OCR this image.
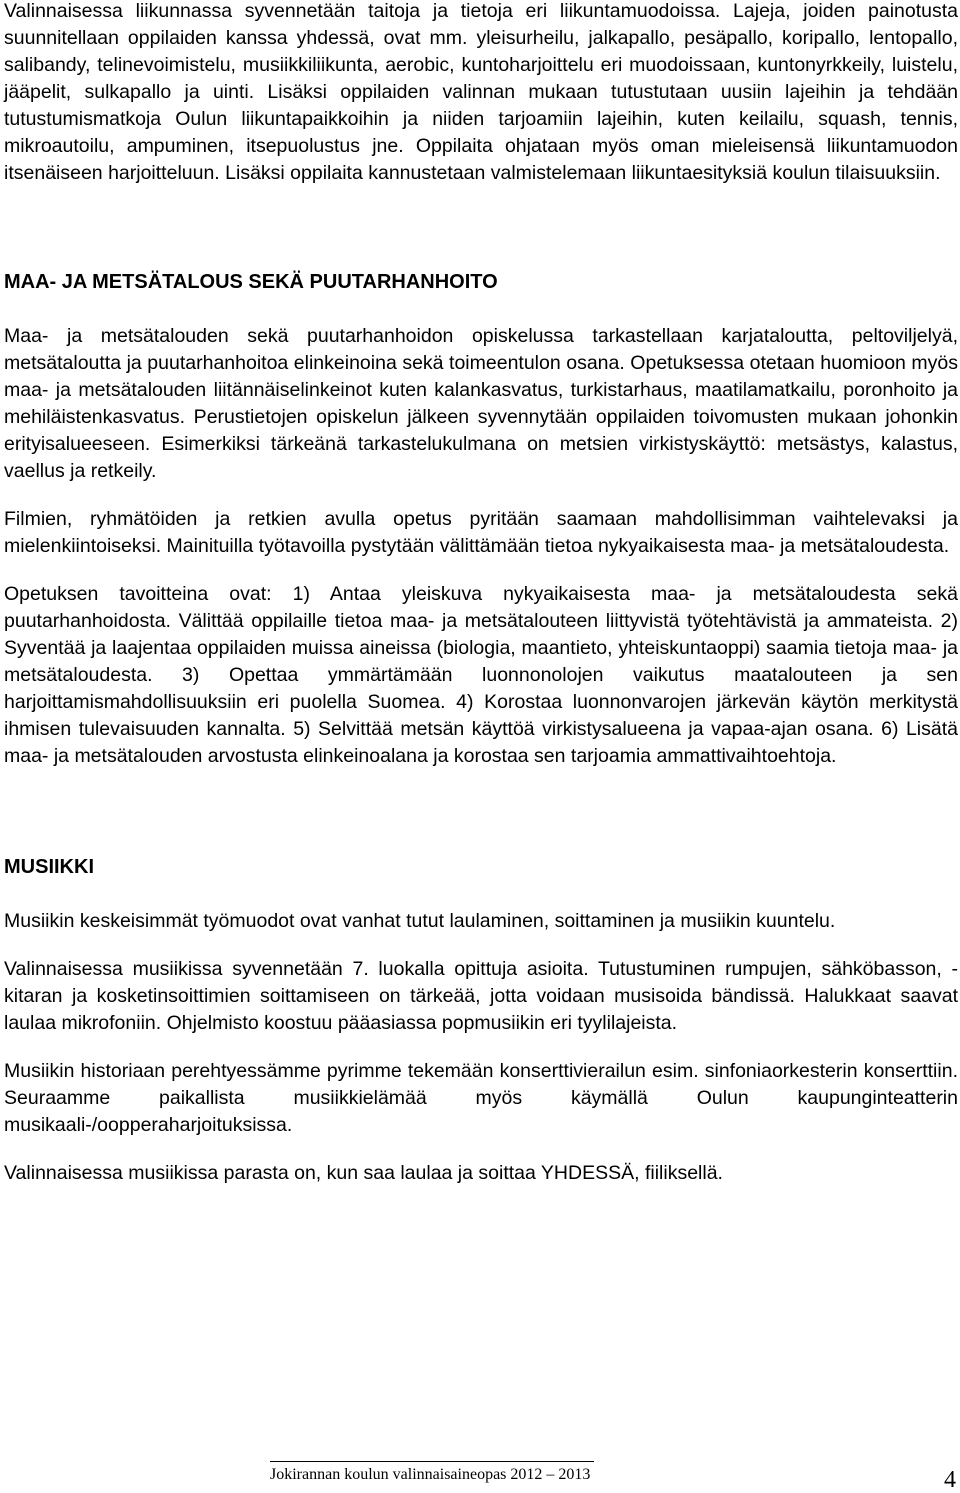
Valinnaisessa liikunnassa syvennetään taitoja ja tietoja eri liikuntamuodoissa. Lajeja, joiden painotusta suunnitellaan oppilaiden kanssa yhdessä, ovat mm. yleisurheilu, jalkapallo, pesäpallo, koripallo, lentopallo, salibandy, telinevoimistelu, musiikkiliikunta, aerobic, kuntoharjoittelu eri muodoissaan, kuntonyrkkeily, luistelu, jääpelit, sulkapallo ja uinti. Lisäksi oppilaiden valinnan mukaan tutustutaan uusiin lajeihin ja tehdään tutustumismatkoja Oulun liikuntapaikkoihin ja niiden tarjoamiin lajeihin, kuten keilailu, squash, tennis, mikroautoilu, ampuminen, itsepuolustus jne. Oppilaita ohjataan myös oman mieleisensä liikuntamuodon itsenäiseen harjoitteluun. Lisäksi oppilaita kannustetaan valmistelemaan liikuntaesityksiä koulun tilaisuuksiin.

MAA- JA METSÄTALOUS SEKÄ PUUTARHANHOITO

Maa- ja metsätalouden sekä puutarhanhoidon opiskelussa tarkastellaan karjataloutta, peltoviljelyä, metsätaloutta ja puutarhanhoitoa elinkeinoina sekä toimeentulon osana. Opetuksessa otetaan huomioon myös maa- ja metsätalouden liitännäiselinkeinot kuten kalankasvatus, turkistarhaus, maatilamatkailu, poronhoito ja mehiläistenkasvatus. Perustietojen opiskelun jälkeen syvennytään oppilaiden toivomusten mukaan johonkin erityisalueeseen. Esimerkiksi tärkeänä tarkastelukulmana on metsien virkistyskäyttö: metsästys, kalastus, vaellus ja retkeily.

Filmien, ryhmätöiden ja retkien avulla opetus pyritään saamaan mahdollisimman vaihtelevaksi ja mielenkiintoiseksi. Mainituilla työtavoilla pystytään välittämään tietoa nykyaikaisesta maa- ja metsätaloudesta.

Opetuksen tavoitteina ovat: 1) Antaa yleiskuva nykyaikaisesta maa- ja metsätaloudesta sekä puutarhanhoidosta. Välittää oppilaille tietoa maa- ja metsätalouteen liittyvistä työtehtävistä ja ammateista. 2) Syventää ja laajentaa oppilaiden muissa aineissa (biologia, maantieto, yhteiskuntaoppi) saamia tietoja maa- ja metsätaloudesta. 3) Opettaa ymmärtämään luonnonolojen vaikutus maatalouteen ja sen harjoittamismahdollisuuksiin eri puolella Suomea. 4) Korostaa luonnonvarojen järkevän käytön merkitystä ihmisen tulevaisuuden kannalta. 5) Selvittää metsän käyttöä virkistysalueena ja vapaa-ajan osana. 6) Lisätä maa- ja metsätalouden arvostusta elinkeinoalana ja korostaa sen tarjoamia ammattivaihtoehtoja.

MUSIIKKI

Musiikin keskeisimmät työmuodot ovat vanhat tutut laulaminen, soittaminen ja musiikin kuuntelu.

Valinnaisessa musiikissa syvennetään 7. luokalla opittuja asioita. Tutustuminen rumpujen, sähköbasson, -kitaran ja kosketinsoittimien soittamiseen on tärkeää, jotta voidaan musisoida bändissä. Halukkaat saavat laulaa mikrofoniin. Ohjelmisto koostuu pääasiassa popmusiikin eri tyylilajeista.

Musiikin historiaan perehtyessämme pyrimme tekemään konserttivierailun esim. sinfoniaorkesterin konserttiin. Seuraamme paikallista musiikkielämää myös käymällä Oulun kaupunginteatterin musikaali-/oopperaharjoituksissa.

Valinnaisessa musiikissa parasta on, kun saa laulaa ja soittaa YHDESSÄ, fiiliksellä.

Jokirannan koulun valinnaisaineopas 2012 – 2013	4
